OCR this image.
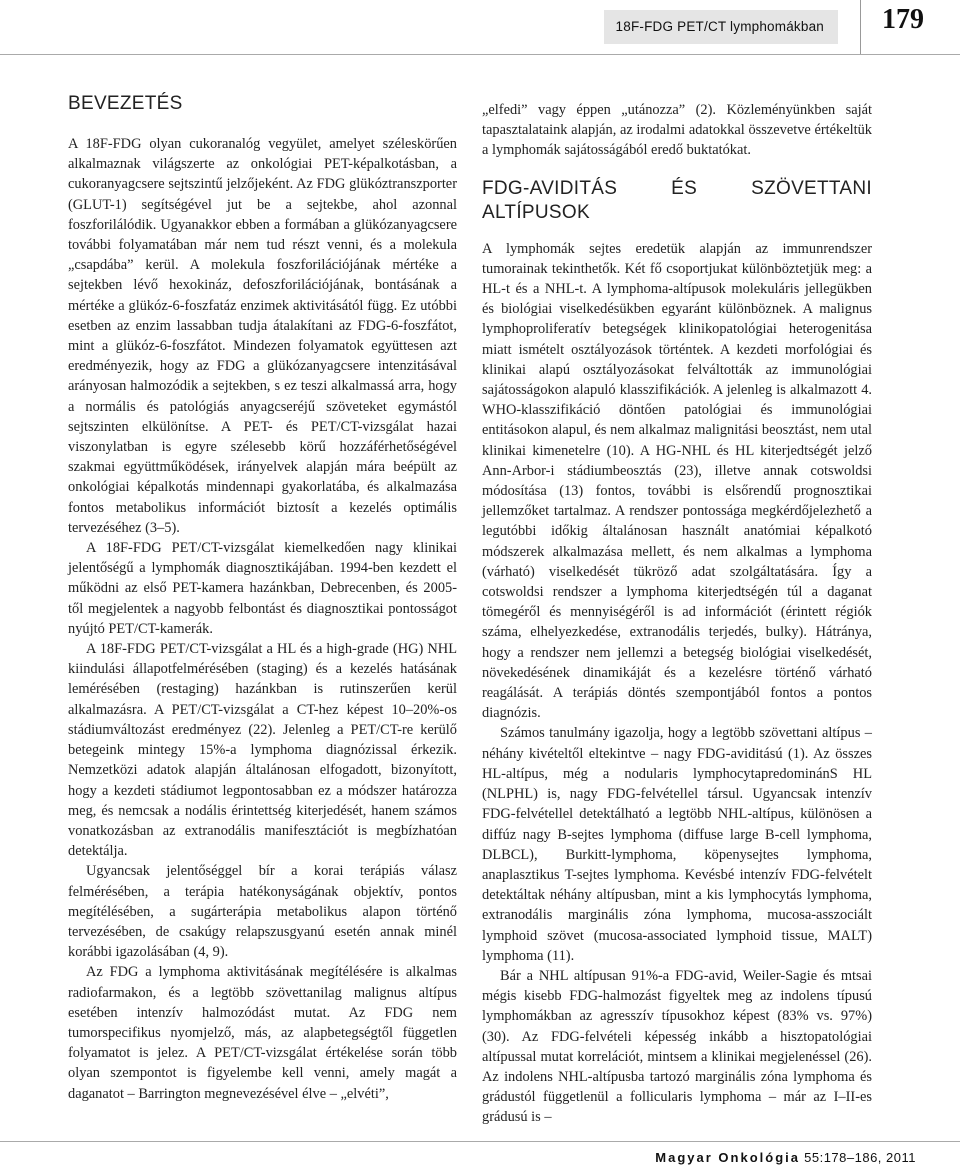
18F-FDG PET/CT lymphomákban	179
BEVEZETÉS

A 18F-FDG olyan cukoranalóg vegyület, amelyet széleskörűen alkalmaznak világszerte az onkológiai PET-képalkotásban, a cukoranyagcsere sejtszintű jelzőjeként. Az FDG glükóztranszporter (GLUT-1) segítségével jut be a sejtekbe, ahol azonnal foszforilálódik. Ugyanakkor ebben a formában a glükózanyagcsere további folyamatában már nem tud részt venni, és a molekula „csapdába” kerül. A molekula foszforilációjának mértéke a sejtekben lévő hexokináz, defoszforilációjának, bontásának a mértéke a glükóz-6-foszfatáz enzimek aktivitásától függ. Ez utóbbi esetben az enzim lassabban tudja átalakítani az FDG-6-foszfátot, mint a glükóz-6-foszfátot. Mindezen folyamatok együttesen azt eredményezik, hogy az FDG a glükózanyagcsere intenzitásával arányosan halmozódik a sejtekben, s ez teszi alkalmassá arra, hogy a normális és patológiás anyagcseréjű szöveteket egymástól sejtszinten elkülönítse. A PET- és PET/CT-vizsgálat hazai viszonylatban is egyre szélesebb körű hozzáférhetőségével szakmai együttműködések, irányelvek alapján mára beépült az onkológiai képalkotás mindennapi gyakorlatába, és alkalmazása fontos metabolikus információt biztosít a kezelés optimális tervezéséhez (3–5).

A 18F-FDG PET/CT-vizsgálat kiemelkedően nagy klinikai jelentőségű a lymphomák diagnosztikájában. 1994-ben kezdett el működni az első PET-kamera hazánkban, Debrecenben, és 2005-től megjelentek a nagyobb felbontást és diagnosztikai pontosságot nyújtó PET/CT-kamerák.

A 18F-FDG PET/CT-vizsgálat a HL és a high-grade (HG) NHL kiindulási állapotfelmérésében (staging) és a kezelés hatásának lemérésében (restaging) hazánkban is rutinszerűen kerül alkalmazásra. A PET/CT-vizsgálat a CT-hez képest 10–20%-os stádiumváltozást eredményez (22). Jelenleg a PET/CT-re kerülő betegeink mintegy 15%-a lymphoma diagnózissal érkezik. Nemzetközi adatok alapján általánosan elfogadott, bizonyított, hogy a kezdeti stádiumot legpontosabban ez a módszer határozza meg, és nemcsak a nodális érintettség kiterjedését, hanem számos vonatkozásban az extranodális manifesztációt is megbízhatóan detektálja.

Ugyancsak jelentőséggel bír a korai terápiás válasz felmérésében, a terápia hatékonyságának objektív, pontos megítélésében, a sugárterápia metabolikus alapon történő tervezésében, de csakúgy relapszusgyanú esetén annak minél korábbi igazolásában (4, 9).

Az FDG a lymphoma aktivitásának megítélésére is alkalmas radiofarmakon, és a legtöbb szövettanilag malignus altípus esetében intenzív halmozódást mutat. Az FDG nem tumorspecifikus nyomjelző, más, az alapbetegségtől független folyamatot is jelez. A PET/CT-vizsgálat értékelése során több olyan szempontot is figyelembe kell venni, amely magát a daganatot – Barrington megnevezésével élve – „elvéti”,

„elfedi” vagy éppen „utánozza” (2). Közleményünkben saját tapasztalataink alapján, az irodalmi adatokkal összevetve értékeltük a lymphomák sajátosságából eredő buktatókat.

FDG-AVIDITÁS ÉS SZÖVETTANI ALTÍPUSOK

A lymphomák sejtes eredetük alapján az immunrendszer tumorainak tekinthetők. Két fő csoportjukat különböztetjük meg: a HL-t és a NHL-t. A lymphoma-altípusok molekuláris jellegükben és biológiai viselkedésükben egyaránt különböznek. A malignus lymphoproliferatív betegségek klinikopatológiai heterogenitása miatt ismételt osztályozások történtek. A kezdeti morfológiai és klinikai alapú osztályozásokat felváltották az immunológiai sajátosságokon alapuló klasszifikációk. A jelenleg is alkalmazott 4. WHO-klasszifikáció döntően patológiai és immunológiai entitásokon alapul, és nem alkalmaz malignitási beosztást, nem utal klinikai kimenetelre (10). A HG-NHL és HL kiterjedtségét jelző Ann-Arbor-i stádiumbeosztás (23), illetve annak cotswoldsi módosítása (13) fontos, további is elsőrendű prognosztikai jellemzőket tartalmaz. A rendszer pontossága megkérdőjelezhető a legutóbbi időkig általánosan használt anatómiai képalkotó módszerek alkalmazása mellett, és nem alkalmas a lymphoma (várható) viselkedését tükröző adat szolgáltatására. Így a cotswoldsi rendszer a lymphoma kiterjedtségén túl a daganat tömegéről és mennyiségéről is ad információt (érintett régiók száma, elhelyezkedése, extranodális terjedés, bulky). Hátránya, hogy a rendszer nem jellemzi a betegség biológiai viselkedését, növekedésének dinamikáját és a kezelésre történő várható reagálását. A terápiás döntés szempontjából fontos a pontos diagnózis.

Számos tanulmány igazolja, hogy a legtöbb szövettani altípus – néhány kivételtől eltekintve – nagy FDG-aviditású (1). Az összes HL-altípus, még a nodularis lymphocytapredominánS HL (NLPHL) is, nagy FDG-felvétellel társul. Ugyancsak intenzív FDG-felvétellel detektálható a legtöbb NHL-altípus, különösen a diffúz nagy B-sejtes lymphoma (diffuse large B-cell lymphoma, DLBCL), Burkitt-lymphoma, köpenysejtes lymphoma, anaplasztikus T-sejtes lymphoma. Kevésbé intenzív FDG-felvételt detektáltak néhány altípusban, mint a kis lymphocytás lymphoma, extranodális marginális zóna lymphoma, mucosa-asszociált lymphoid szövet (mucosa-associated lymphoid tissue, MALT) lymphoma (11).

Bár a NHL altípusan 91%-a FDG-avid, Weiler-Sagie és mtsai mégis kisebb FDG-halmozást figyeltek meg az indolens típusú lymphomákban az agresszív típusokhoz képest (83% vs. 97%) (30). Az FDG-felvételi képesség inkább a hisztopatológiai altípussal mutat korrelációt, mintsem a klinikai megjelenéssel (26). Az indolens NHL-altípusba tartozó marginális zóna lymphoma és grádustól függetlenül a follicularis lymphoma – már az I–II-es grádusú is –

Magyar Onkológia 55:178–186, 2011
